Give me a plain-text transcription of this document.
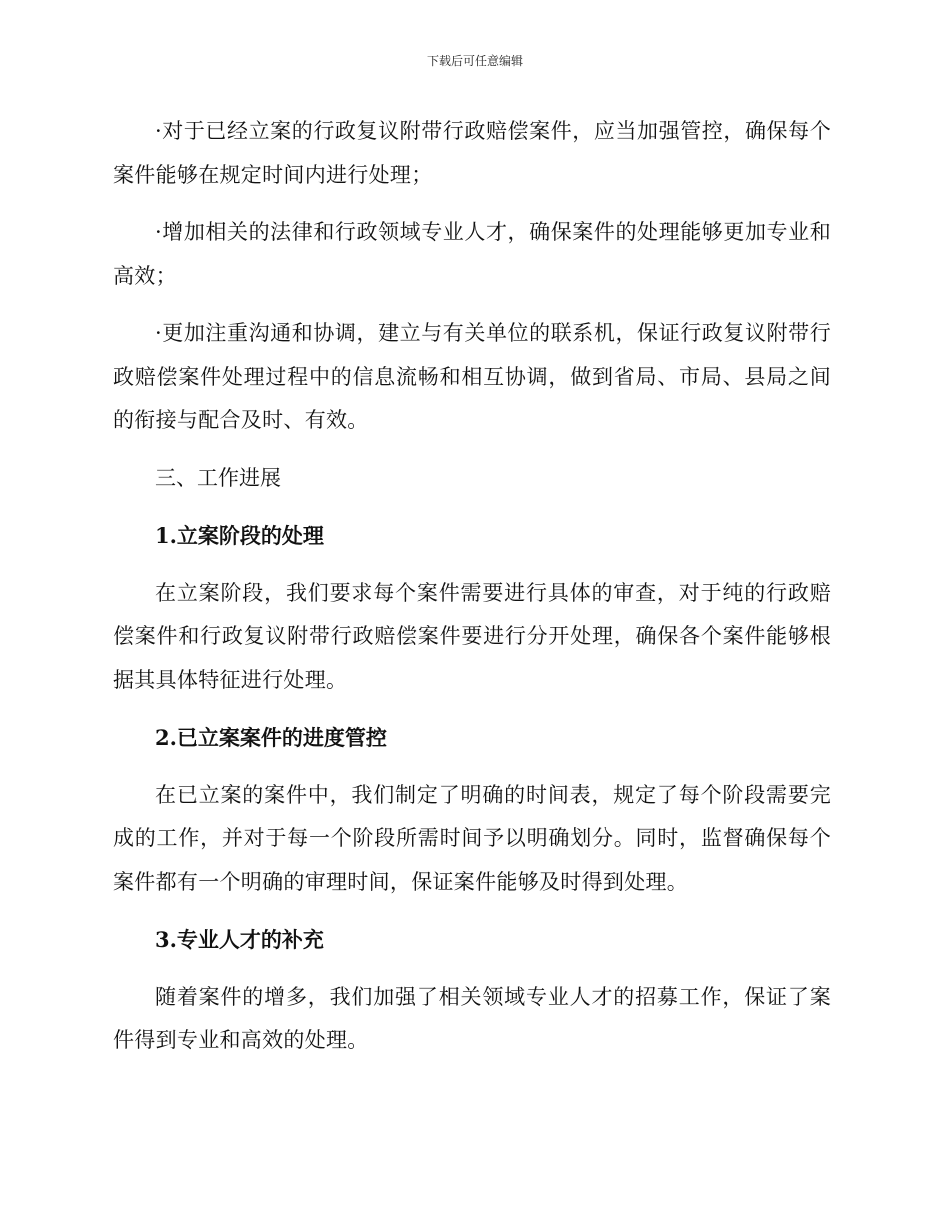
下载后可任意编辑

·对于已经立案的行政复议附带行政赔偿案件，应当加强管控，确保每个案件能够在规定时间内进行处理；

·增加相关的法律和行政领域专业人才，确保案件的处理能够更加专业和高效；

·更加注重沟通和协调，建立与有关单位的联系机，保证行政复议附带行政赔偿案件处理过程中的信息流畅和相互协调，做到省局、市局、县局之间的衔接与配合及时、有效。

三、工作进展

1.立案阶段的处理

在立案阶段，我们要求每个案件需要进行具体的审查，对于纯的行政赔偿案件和行政复议附带行政赔偿案件要进行分开处理，确保各个案件能够根据其具体特征进行处理。

2.已立案案件的进度管控

在已立案的案件中，我们制定了明确的时间表，规定了每个阶段需要完成的工作，并对于每一个阶段所需时间予以明确划分。同时，监督确保每个案件都有一个明确的审理时间，保证案件能够及时得到处理。

3.专业人才的补充

随着案件的增多，我们加强了相关领域专业人才的招募工作，保证了案件得到专业和高效的处理。
